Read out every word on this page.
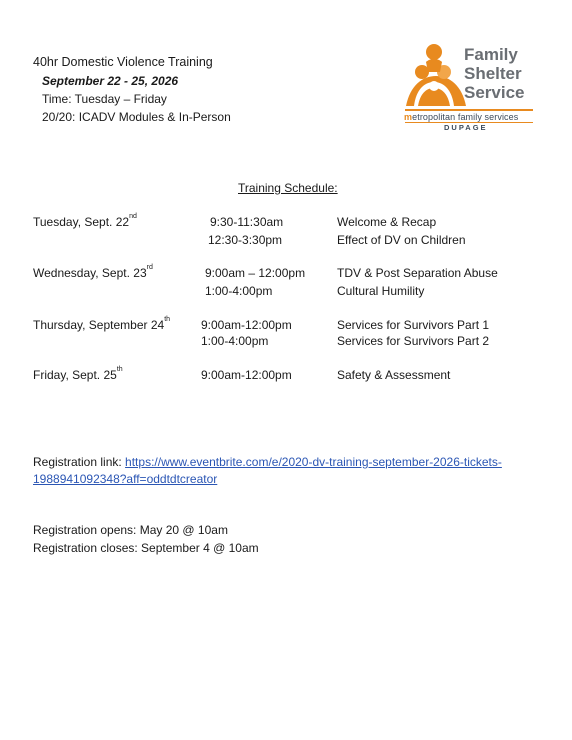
40hr Domestic Violence Training
September 22 - 25, 2026
Time: Tuesday – Friday
20/20: ICADV Modules & In-Person
Family
Shelter
Service
metropolitan family services
DUPAGE
Training Schedule:
Tuesday, Sept. 22nd	9:30-11:30am	Welcome & Recap
12:30-3:30pm	Effect of DV on Children
Wednesday, Sept. 23rd	9:00am – 12:00pm	TDV & Post Separation Abuse
1:00-4:00pm	Cultural Humility
Thursday, September 24th	9:00am-12:00pm	Services for Survivors Part 1
1:00-4:00pm	Services for Survivors Part 2
Friday, Sept. 25th	9:00am-12:00pm	Safety & Assessment
Registration link: https://www.eventbrite.com/e/2020-dv-training-september-2026-tickets-
1988941092348?aff=oddtdtcreator
Registration opens: May 20 @ 10am
Registration closes: September 4 @ 10am
